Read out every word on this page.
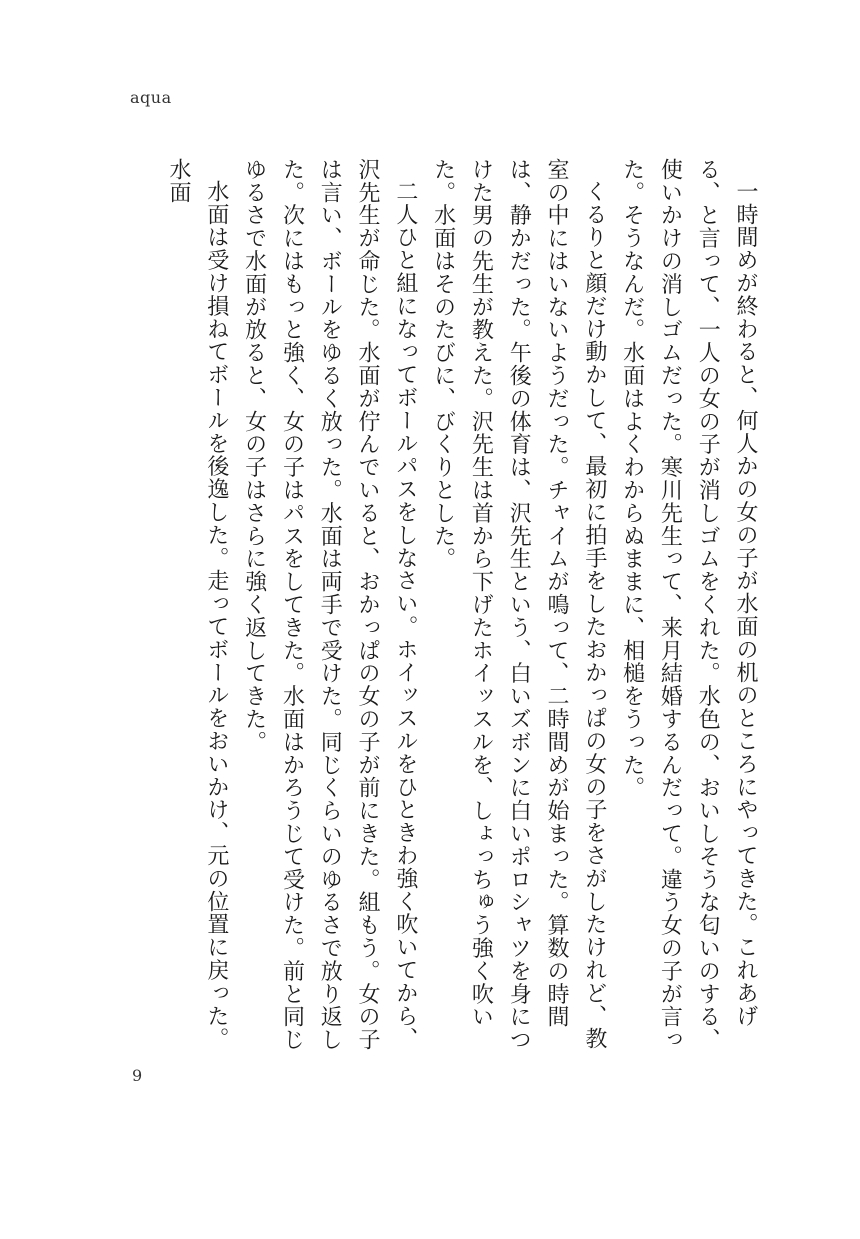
aqua

一時間めが終わると、何人かの女の子が水面の机のところにやってきた。これあげる、と言って、一人の女の子が消しゴムをくれた。水色の、おいしそうな匂いのする、使いかけの消しゴムだった。寒川先生って、来月結婚するんだって。違う女の子が言った。そうなんだ。水面はよくわからぬままに、相槌をうった。

くるりと顔だけ動かして、最初に拍手をしたおかっぱの女の子をさがしたけれど、教室の中にはいないようだった。チャイムが鳴って、二時間めが始まった。算数の時間は、静かだった。午後の体育は、沢先生という、白いズボンに白いポロシャツを身につけた男の先生が教えた。沢先生は首から下げたホイッスルを、しょっちゅう強く吹いた。水面はそのたびに、びくりとした。

二人ひと組になってボールパスをしなさい。ホイッスルをひときわ強く吹いてから、沢先生が命じた。水面が佇んでいると、おかっぱの女の子が前にきた。組もう。女の子は言い、ボールをゆるく放った。水面は両手で受けた。同じくらいのゆるさで放り返した。次にはもっと強く、女の子はパスをしてきた。水面はかろうじて受けた。前と同じゆるさで水面が放ると、女の子はさらに強く返してきた。

水面は受け損ねてボールを後逸した。走ってボールをおいかけ、元の位置に戻った。水面

9
